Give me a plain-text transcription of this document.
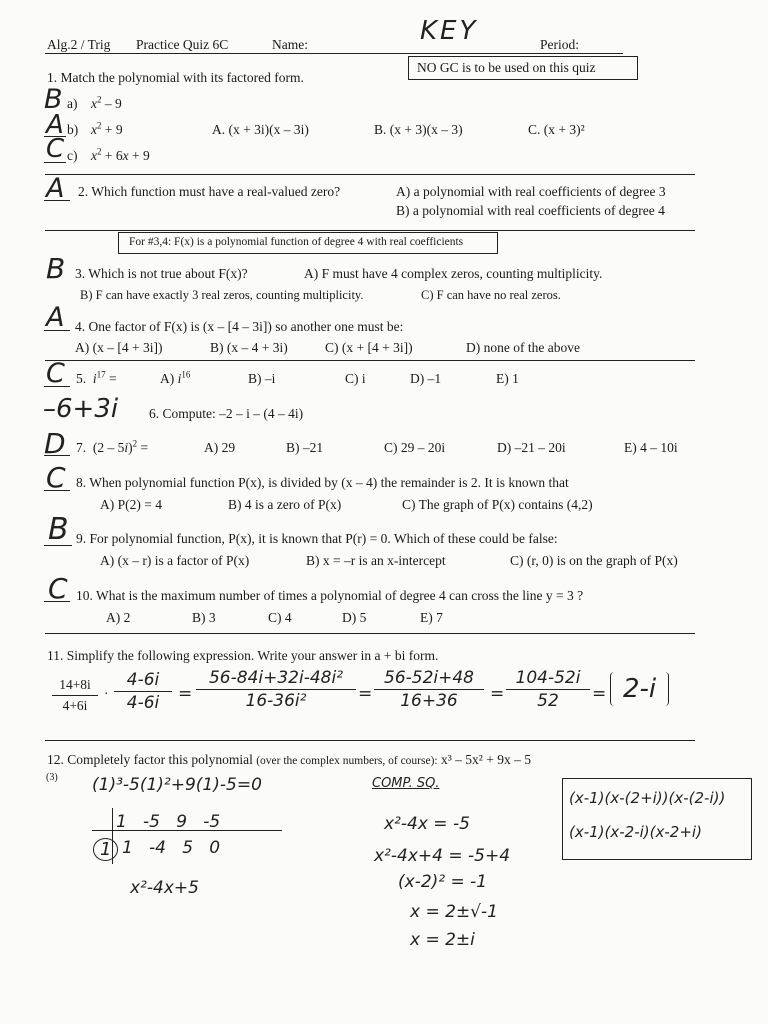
Alg.2 / Trig Practice Quiz 6C	Name:	KEY	Period:
NO GC is to be used on this quiz
1. Match the polynomial with its factored form.
B a) $x^2 - 9$
A b) $x^2 + 9$
C c) $x^2 + 6x + 9$
A. (x + 3i)(x – 3i)	B. (x + 3)(x – 3)	C. (x + 3)²
A 2. Which function must have a real-valued zero?	A) a polynomial with real coefficients of degree 3
B) a polynomial with real coefficients of degree 4
For #3,4: F(x) is a polynomial function of degree 4 with real coefficients
B 3. Which is not true about F(x)?	A) F must have 4 complex zeros, counting multiplicity.
B) F can have exactly 3 real zeros, counting multiplicity.	C) F can have no real zeros.
A 4. One factor of F(x) is (x – [4 – 3i]) so another one must be:
A) (x – [4 + 3i])	B) (x – 4 + 3i)	C) (x + [4 + 3i])	D) none of the above
C 5.  $i^{17}$ =	A) $i^{16}$	B) –i	C) i	D) –1	E) 1
–6+3i 6. Compute: –2 – i – (4 – 4i)
D 7.  (2 – 5i)$^2$ =	A) 29	B) –21	C) 29 – 20i	D) –21 – 20i	E) 4 – 10i
C 8. When polynomial function P(x), is divided by (x – 4) the remainder is 2. It is known that
A) P(2) = 4	B) 4 is a zero of P(x)	C) The graph of P(x) contains (4,2)
B 9. For polynomial function, P(x), it is known that P(r) = 0. Which of these could be false:
A) (x – r) is a factor of P(x)	B) x = –r is an x-intercept	C) (r, 0) is on the graph of P(x)
C 10. What is the maximum number of times a polynomial of degree 4 can cross the line y = 3 ?
A) 2	B) 3	C) 4	D) 5	E) 7
11. Simplify the following expression. Write your answer in a + bi form.
14+8i
4+6i
·
4-6i
4-6i	=
56-84i+32i-48i²
16-36i²	=
56-52i+48
16+36	=
104-52i
52	= 2-i
12. Completely factor this polynomial (over the complex numbers, of course): x³ – 5x² + 9x – 5
(3) (1)³-5(1)²+9(1)-5=0
1   -5   9   -5
1 1   -4   5   0
x²-4x+5
COMP. SQ.
x²-4x = -5
x²-4x+4 = -5+4
(x-2)² = -1
x = 2±√-1
x = 2±i
(x-1)(x-(2+i))(x-(2-i))
(x-1)(x-2-i)(x-2+i)
